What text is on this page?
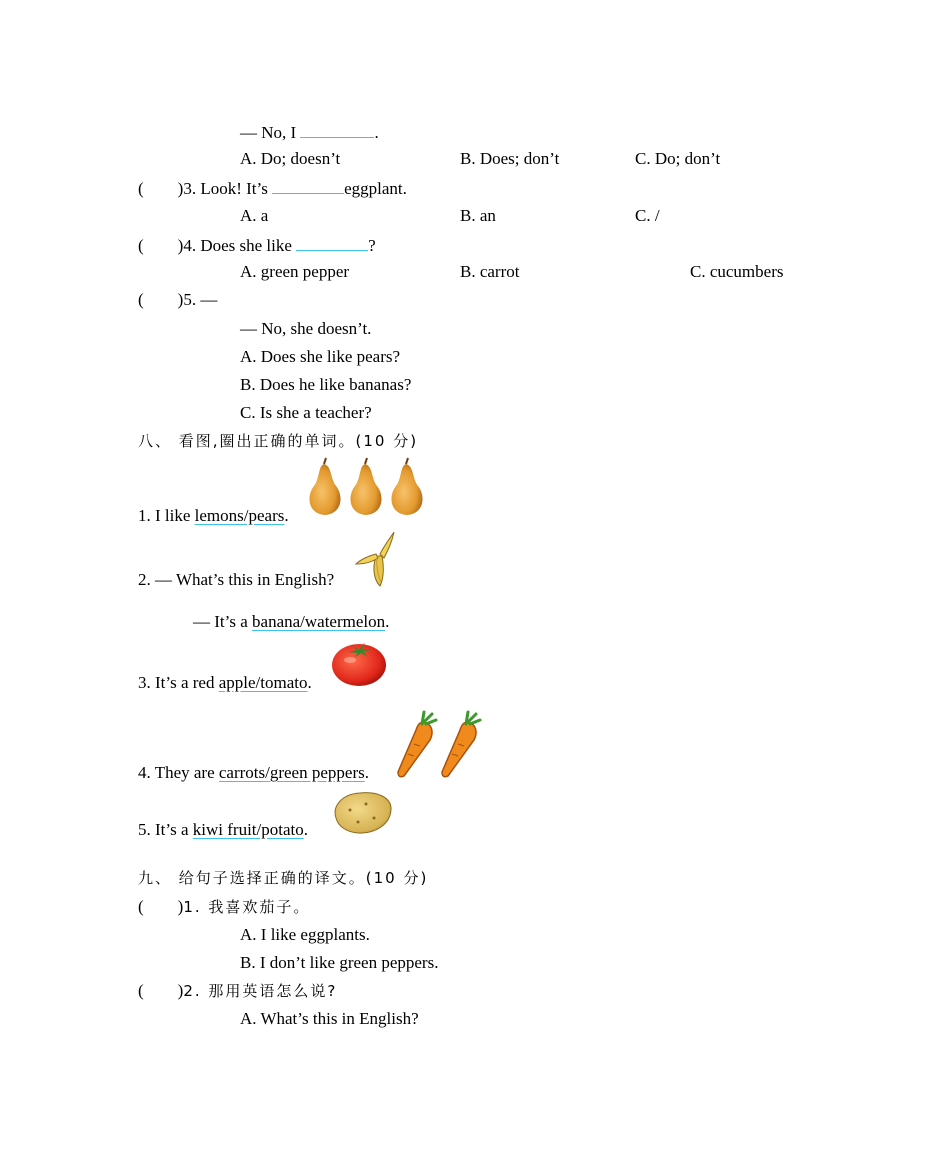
— No, I	.
A. Do; doesn’t	B. Does; don’t	C. Do; don’t
(        )3. Look! It’s	eggplant.
A. a	B. an	C. /
(        )4. Does she like	?
A. green pepper	B. carrot	C. cucumbers
(        )5. —
— No, she doesn’t.
A. Does she like pears?
B. Does he like bananas?
C. Is she a teacher?
八、 看图,圈出正确的单词。(10 分)
1. I like lemons/pears.
2. — What’s this in English?
— It’s a banana/watermelon.
3. It’s a red apple/tomato.
4. They are carrots/green peppers.
5. It’s a kiwi fruit/potato.
九、 给句子选择正确的译文。(10 分)
(        )1. 我喜欢茄子。
A. I like eggplants.
B. I don’t like green peppers.
(        )2. 那用英语怎么说?
A. What’s this in English?
